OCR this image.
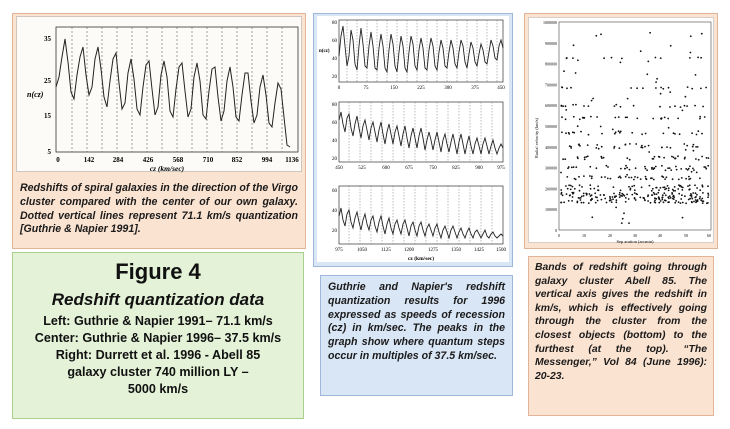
n(cz)
35
25
15
5
0	142	284	426	568	710	852	994 1136
cz (km/sec)
Redshifts of spiral galaxies in the direction of the Virgo cluster compared with the center of our own galaxy. Dotted vertical lines represent 71.1 km/s quantization [Guthrie & Napier 1991].
Figure 4
Redshift quantization data
Left: Guthrie & Napier 1991– 71.1 km/s
Center: Guthrie & Napier 1996– 37.5 km/s
Right: Durrett et al. 1996 - Abell 85
galaxy cluster 740 million LY –
5000 km/s
n(cz)
80
60
40
20
0	75	150	225	300	375	450
80
60
40
20
450	525	600	675	750	825	900	975
60
40
20
975	1050	1125	1200	1275	1350	1425 1500
cz (km/sec)
Guthrie and Napier's redshift quantization results for 1996 expressed as speeds of recession (cz) in km/sec. The peaks in the graph show where quantum steps occur in multiples of 37.5 km/sec.
Radial velocity (km/s)
1000000
900000
800000
700000
600000
500000
400000
300000
200000
100000
0
0	10	20	30	40	50	60
Sep aration (arcmin)
Bands of redshift going through galaxy cluster Abell 85. The vertical axis gives the redshift in km/s, which is effectively going through the cluster from the closest objects (bottom) to the furthest (at the top). “The Messenger,” Vol 84 (June 1996): 20-23.
